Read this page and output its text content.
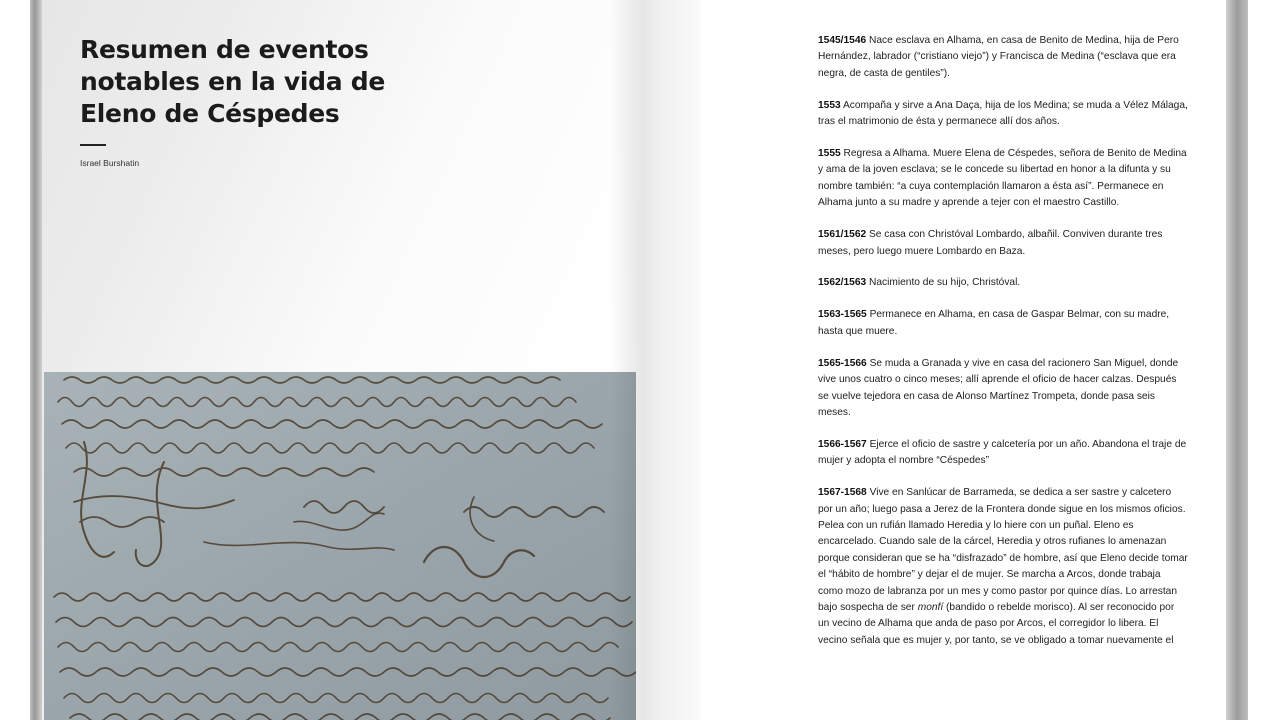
Resumen de eventos notables en la vida de Eleno de Céspedes
Israel Burshatin
1545/1546 Nace esclava en Alhama, en casa de Benito de Medina, hija de Pero Hernández, labrador (“cristiano viejo”) y Francisca de Medina (“esclava que era negra, de casta de gentiles”).
1553 Acompaña y sirve a Ana Daça, hija de los Medina; se muda a Vélez Málaga, tras el matrimonio de ésta y permanece allí dos años.
1555 Regresa a Alhama. Muere Elena de Céspedes, señora de Benito de Medina y ama de la joven esclava; se le concede su libertad en honor a la difunta y su nombre también: “a cuya contemplación llamaron a ésta así”. Permanece en Alhama junto a su madre y aprende a tejer con el maestro Castillo.
1561/1562 Se casa con Christóval Lombardo, albañil. Conviven durante tres meses, pero luego muere Lombardo en Baza.
1562/1563 Nacimiento de su hijo, Christóval.
1563-1565 Permanece en Alhama, en casa de Gaspar Belmar, con su madre, hasta que muere.
1565-1566 Se muda a Granada y vive en casa del racionero San Miguel, donde vive unos cuatro o cinco meses; allí aprende el oficio de hacer calzas. Después se vuelve tejedora en casa de Alonso Martínez Trompeta, donde pasa seis meses.
1566-1567 Ejerce el oficio de sastre y calcetería por un año. Abandona el traje de mujer y adopta el nombre “Céspedes”
1567-1568 Vive en Sanlúcar de Barrameda, se dedica a ser sastre y calcetero por un año; luego pasa a Jerez de la Frontera donde sigue en los mismos oficios. Pelea con un rufián llamado Heredia y lo hiere con un puñal. Eleno es encarcelado. Cuando sale de la cárcel, Heredia y otros rufianes lo amenazan porque consideran que se ha “disfrazado” de hombre, así que Eleno decide tomar el “hábito de hombre” y dejar el de mujer. Se marcha a Arcos, donde trabaja como mozo de labranza por un mes y como pastor por quince días. Lo arrestan bajo sospecha de ser monfí (bandido o rebelde morisco). Al ser reconocido por un vecino de Alhama que anda de paso por Arcos, el corregidor lo libera. El vecino señala que es mujer y, por tanto, se ve obligado a tomar nuevamente el
